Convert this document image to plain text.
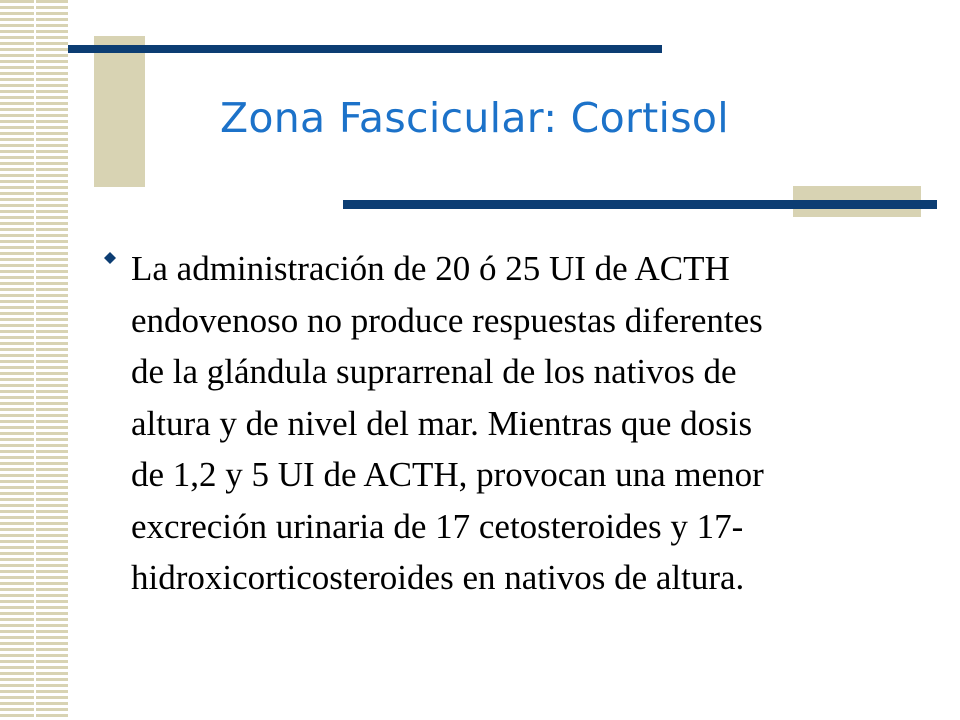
Zona Fascicular: Cortisol

La administración de 20 ó 25 UI de ACTH
endovenoso no produce respuestas diferentes
de la glándula suprarrenal de los nativos de
altura y de nivel del mar. Mientras que dosis
de 1,2 y 5 UI de ACTH, provocan una menor
excreción urinaria de 17 cetosteroides y 17-
hidroxicorticosteroides en nativos de altura.
